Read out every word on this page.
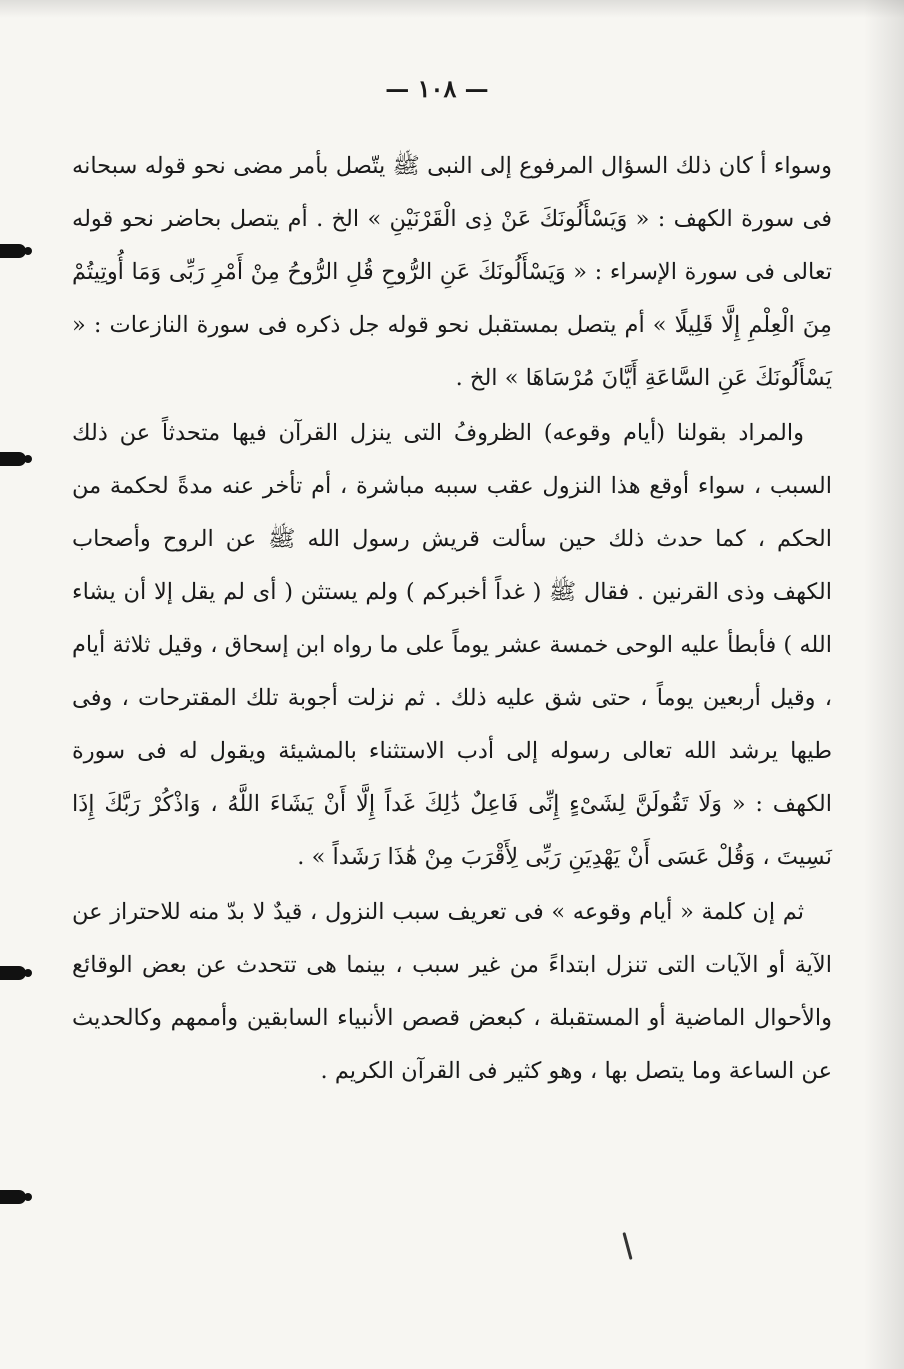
— ١٠٨ —

وسواء أ كان ذلك السؤال المرفوع إلى النبى ﷺ يتّصل بأمر مضى نحو قوله سبحانه فى سورة الكهف : « وَيَسْأَلُونَكَ عَنْ ذِى الْقَرْنَيْنِ » الخ . أم يتصل بحاضر نحو قوله تعالى فى سورة الإسراء : « وَيَسْأَلُونَكَ عَنِ الرُّوحِ قُلِ الرُّوحُ مِنْ أَمْرِ رَبِّى وَمَا أُوتِيتُمْ مِنَ الْعِلْمِ إِلَّا قَلِيلًا » أم يتصل بمستقبل نحو قوله جل ذكره فى سورة النازعات : « يَسْأَلُونَكَ عَنِ السَّاعَةِ أَيَّانَ مُرْسَاهَا » الخ .

والمراد بقولنا (أيام وقوعه) الظروفُ التى ينزل القرآن فيها متحدثاً عن ذلك السبب ، سواء أوقع هذا النزول عقب سببه مباشرة ، أم تأخر عنه مدةً لحكمة من الحكم ، كما حدث ذلك حين سألت قريش رسول الله ﷺ عن الروح وأصحاب الكهف وذى القرنين . فقال ﷺ ( غداً أخبركم ) ولم يستثن ( أى لم يقل إلا أن يشاء الله ) فأبطأ عليه الوحى خمسة عشر يوماً على ما رواه ابن إسحاق ، وقيل ثلاثة أيام ، وقيل أربعين يوماً ، حتى شق عليه ذلك . ثم نزلت أجوبة تلك المقترحات ، وفى طيها يرشد الله تعالى رسوله إلى أدب الاستثناء بالمشيئة ويقول له فى سورة الكهف : « وَلَا تَقُولَنَّ لِشَىْءٍ إِنِّى فَاعِلٌ ذَٰلِكَ غَداً إِلَّا أَنْ يَشَاءَ اللَّهُ ، وَاذْكُرْ رَبَّكَ إِذَا نَسِيتَ ، وَقُلْ عَسَى أَنْ يَهْدِيَنِ رَبِّى لِأَقْرَبَ مِنْ هَٰذَا رَشَداً » .

ثم إن كلمة « أيام وقوعه » فى تعريف سبب النزول ، قيدٌ لا بدّ منه للاحتراز عن الآية أو الآيات التى تنزل ابتداءً من غير سبب ، بينما هى تتحدث عن بعض الوقائع والأحوال الماضية أو المستقبلة ، كبعض قصص الأنبياء السابقين وأممهم وكالحديث عن الساعة وما يتصل بها ، وهو كثير فى القرآن الكريم .
